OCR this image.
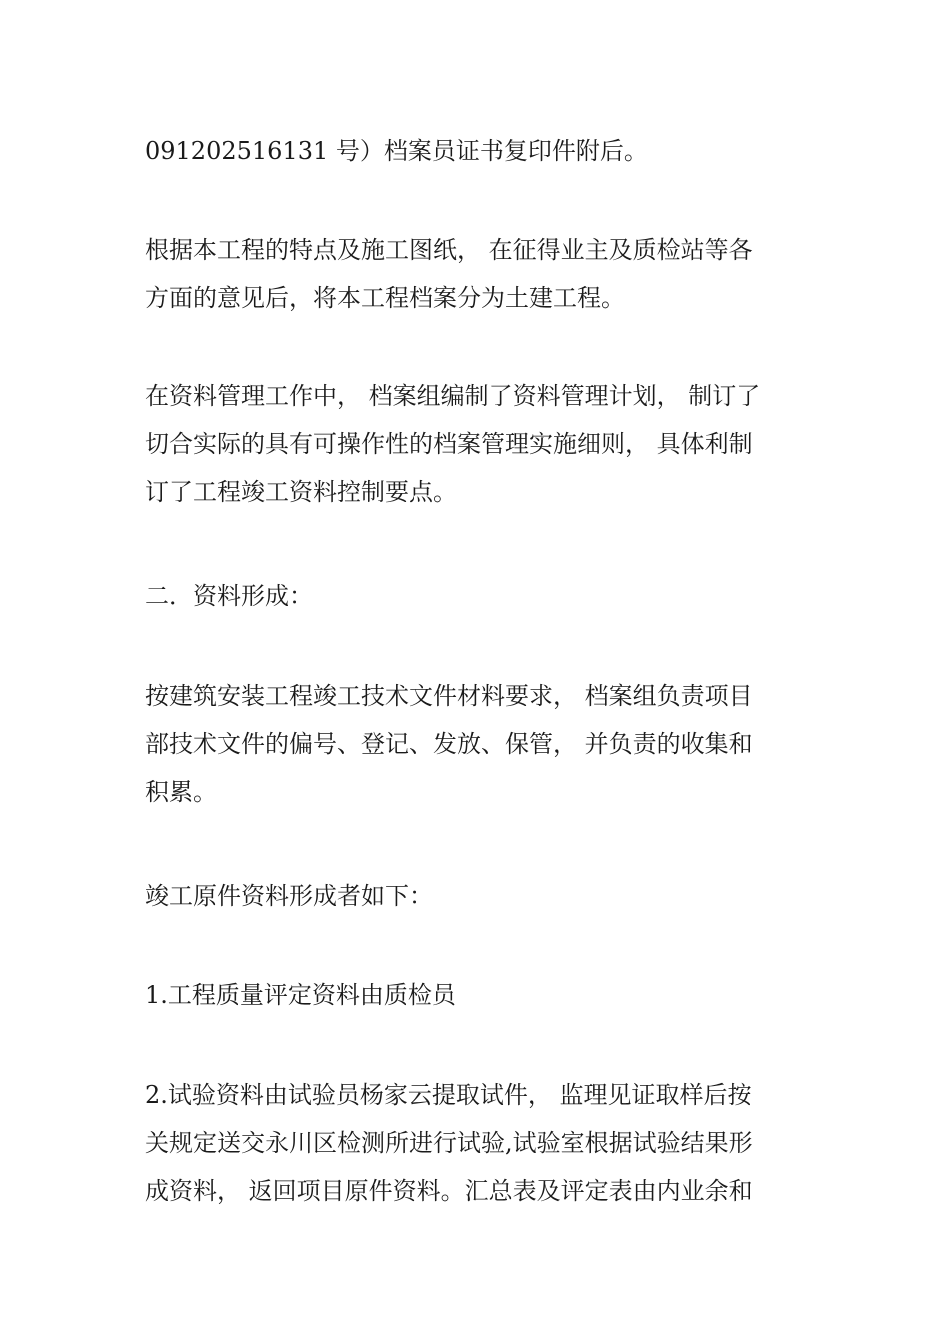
091202516131 号）档案员证书复印件附后。

根据本工程的特点及施工图纸， 在征得业主及质检站等各
方面的意见后，将本工程档案分为土建工程。

在资料管理工作中， 档案组编制了资料管理计划， 制订了
切合实际的具有可操作性的档案管理实施细则， 具体利制
订了工程竣工资料控制要点。

二．资料形成：

按建筑安装工程竣工技术文件材料要求， 档案组负责项目
部技术文件的偏号、登记、发放、保管， 并负责的收集和
积累。

竣工原件资料形成者如下：

1.工程质量评定资料由质检员

2.试验资料由试验员杨家云提取试件， 监理见证取样后按
关规定送交永川区检测所进行试验,试验室根据试验结果形
成资料， 返回项目原件资料。汇总表及评定表由内业余和
